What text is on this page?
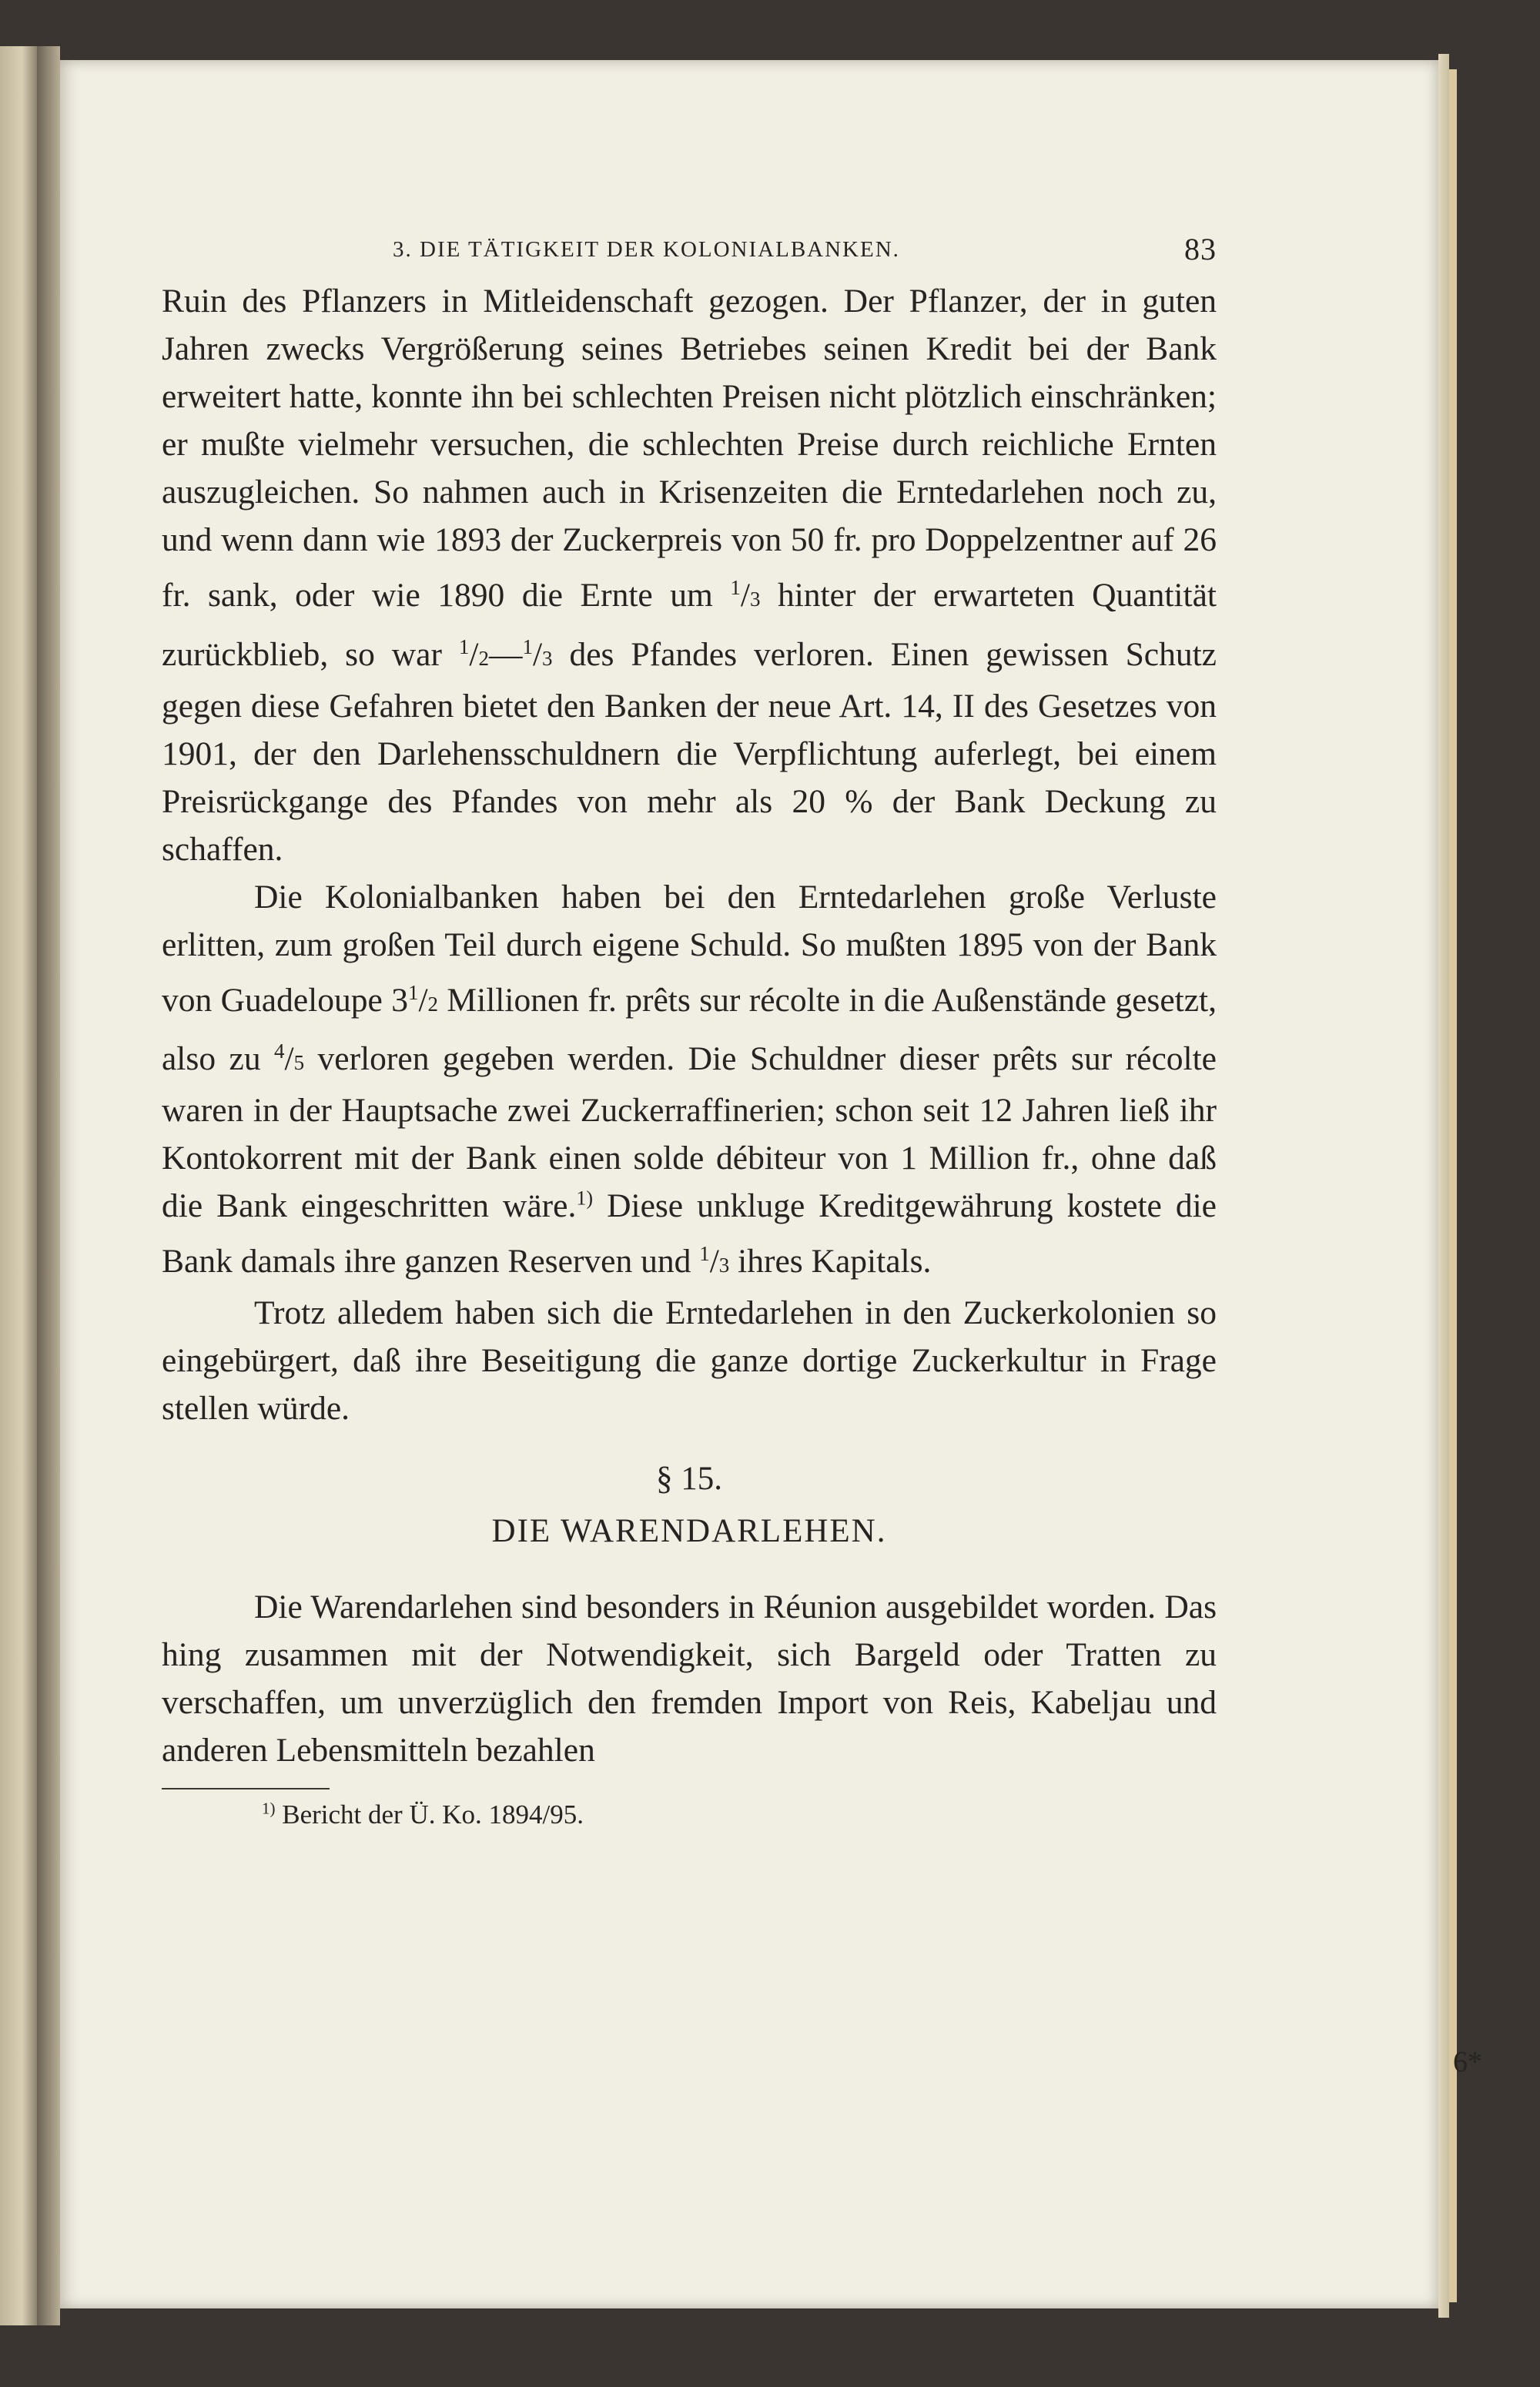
3. DIE TÄTIGKEIT DER KOLONIALBANKEN.	83

Ruin des Pflanzers in Mitleidenschaft gezogen. Der Pflanzer, der in guten Jahren zwecks Vergrößerung seines Betriebes seinen Kredit bei der Bank erweitert hatte, konnte ihn bei schlechten Preisen nicht plötzlich einschränken; er mußte vielmehr versuchen, die schlechten Preise durch reichliche Ernten auszugleichen. So nahmen auch in Krisenzeiten die Erntedarlehen noch zu, und wenn dann wie 1893 der Zuckerpreis von 50 fr. pro Doppelzentner auf 26 fr. sank, oder wie 1890 die Ernte um $^1$/3 hinter der erwarteten Quantität zurückblieb, so war $^1$/2—$^1$/3 des Pfandes verloren. Einen gewissen Schutz gegen diese Gefahren bietet den Banken der neue Art. 14, II des Gesetzes von 1901, der den Darlehensschuldnern die Verpflichtung auferlegt, bei einem Preisrückgange des Pfandes von mehr als 20 % der Bank Deckung zu schaffen.

Die Kolonialbanken haben bei den Erntedarlehen große Verluste erlitten, zum großen Teil durch eigene Schuld. So mußten 1895 von der Bank von Guadeloupe $3^1/2$ Millionen fr. prêts sur récolte in die Außenstände gesetzt, also zu $^4$/5 verloren gegeben werden. Die Schuldner dieser prêts sur récolte waren in der Hauptsache zwei Zuckerraffinerien; schon seit 12 Jahren ließ ihr Kontokorrent mit der Bank einen solde débiteur von 1 Million fr., ohne daß die Bank eingeschritten wäre.$^{1)}$ Diese unkluge Kreditgewährung kostete die Bank damals ihre ganzen Reserven und $^1$/3 ihres Kapitals.

Trotz alledem haben sich die Erntedarlehen in den Zuckerkolonien so eingebürgert, daß ihre Beseitigung die ganze dortige Zuckerkultur in Frage stellen würde.

§ 15.
DIE WARENDARLEHEN.

Die Warendarlehen sind besonders in Réunion ausgebildet worden. Das hing zusammen mit der Notwendigkeit, sich Bargeld oder Tratten zu verschaffen, um unverzüglich den fremden Import von Reis, Kabeljau und anderen Lebensmitteln bezahlen

$^{1)}$ Bericht der Ü. Ko. 1894/95.
6*
